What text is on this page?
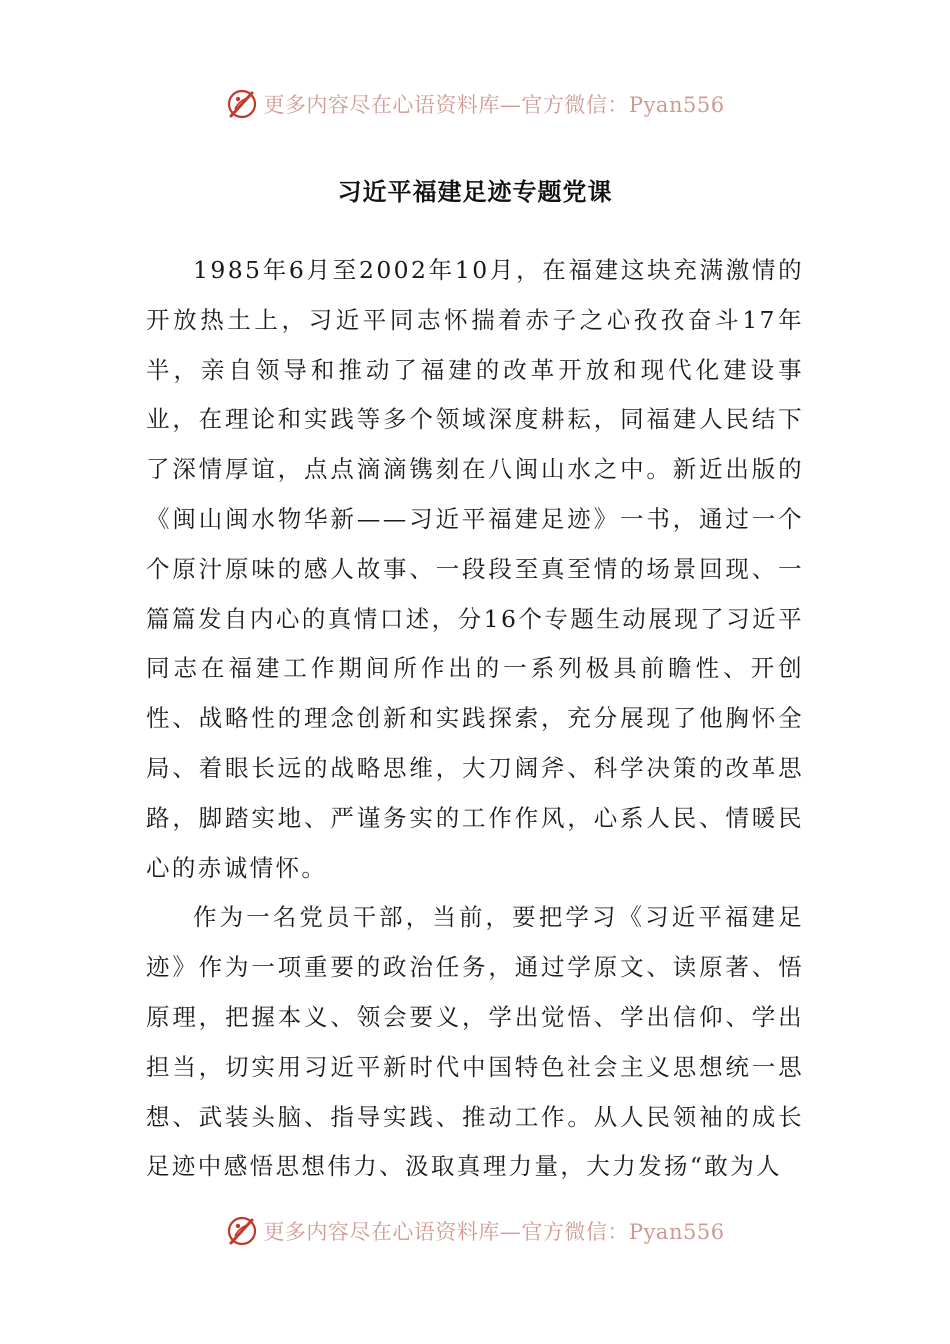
更多内容尽在心语资料库—官方微信：Pyan556
习近平福建足迹专题党课

1985年6月至2002年10月，在福建这块充满激情的开放热土上，习近平同志怀揣着赤子之心孜孜奋斗17年半，亲自领导和推动了福建的改革开放和现代化建设事业，在理论和实践等多个领域深度耕耘，同福建人民结下了深情厚谊，点点滴滴镌刻在八闽山水之中。新近出版的《闽山闽水物华新——习近平福建足迹》一书，通过一个个原汁原味的感人故事、一段段至真至情的场景回现、一篇篇发自内心的真情口述，分16个专题生动展现了习近平同志在福建工作期间所作出的一系列极具前瞻性、开创性、战略性的理念创新和实践探索，充分展现了他胸怀全局、着眼长远的战略思维，大刀阔斧、科学决策的改革思路，脚踏实地、严谨务实的工作作风，心系人民、情暖民心的赤诚情怀。

作为一名党员干部，当前，要把学习《习近平福建足迹》作为一项重要的政治任务，通过学原文、读原著、悟原理，把握本义、领会要义，学出觉悟、学出信仰、学出担当，切实用习近平新时代中国特色社会主义思想统一思想、武装头脑、指导实践、推动工作。从人民领袖的成长足迹中感悟思想伟力、汲取真理力量，大力发扬“敢为人

更多内容尽在心语资料库—官方微信：Pyan556
